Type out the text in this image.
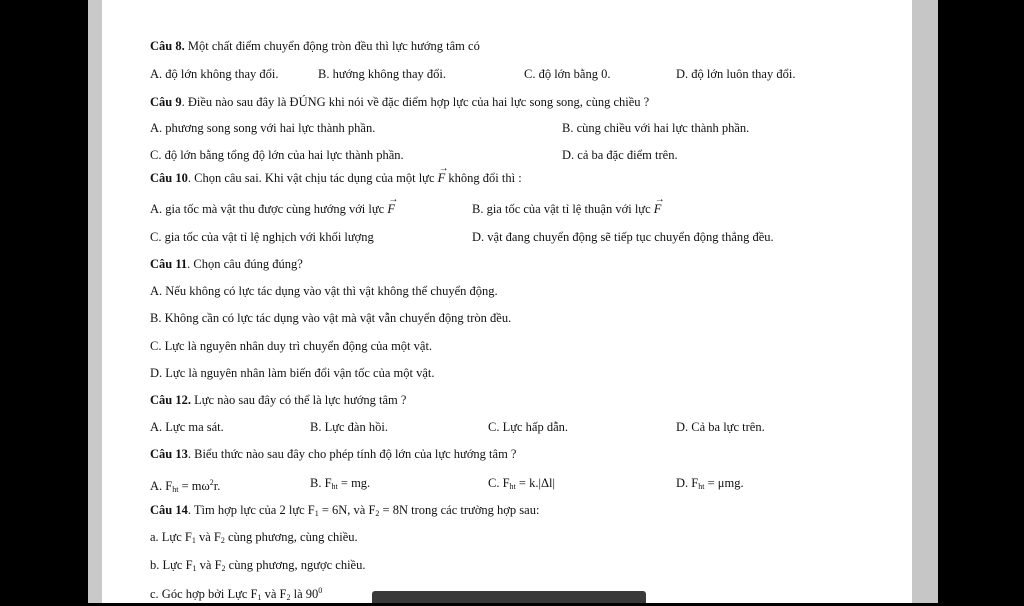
Câu 8. Một chất điểm chuyển động tròn đều thì lực hướng tâm có
A. độ lớn không thay đổi.	B. hướng không thay đổi.	C. độ lớn bằng 0.	D. độ lớn luôn thay đổi.
Câu 9. Điều nào sau đây là ĐÚNG khi nói về đặc điểm hợp lực của hai lực song song, cùng chiều ?
A. phương song song với hai lực thành phần.	B. cùng chiều với hai lực thành phần.
C. độ lớn bằng tổng độ lớn của hai lực thành phần.	D. cả ba đặc điểm trên.
Câu 10. Chọn câu sai. Khi vật chịu tác dụng của một lực → F không đổi thì :
A. gia tốc mà vật thu được cùng hướng với lực → F	B. gia tốc của vật tỉ lệ thuận với lực → F
C. gia tốc của vật tỉ lệ nghịch với khối lượng	D. vật đang chuyển động sẽ tiếp tục chuyển động thẳng đều.
Câu 11. Chọn câu đúng đúng?
A. Nếu không có lực tác dụng vào vật thì vật không thể chuyển động.
B. Không cần có lực tác dụng vào vật mà vật vẫn chuyển động tròn đều.
C. Lực là nguyên nhân duy trì chuyển động của một vật.
D. Lực là nguyên nhân làm biến đổi vận tốc của một vật.
Câu 12. Lực nào sau đây có thể là lực hướng tâm ?
A. Lực ma sát.	B. Lực đàn hồi.	C. Lực hấp dẫn.	D. Cả ba lực trên.
Câu 13. Biểu thức nào sau đây cho phép tính độ lớn của lực hướng tâm ?
A. $F_{ht} = m\omega^2r$.	B. $F_{ht}$ = mg.	C. $F_{ht} = k.|\Delta l|$	D. $F_{ht} = \mu mg$.
Câu 14. Tìm hợp lực của 2 lực $F_1 = 6N$, và $F_2 = 8N$ trong các trường hợp sau:
a. Lực $F_1$ và $F_2$ cùng phương, cùng chiều.
b. Lực $F_1$ và $F_2$ cùng phương, ngược chiều.
c. Góc hợp bởi Lực $F_1$ và $F_2$ là $90^0$
